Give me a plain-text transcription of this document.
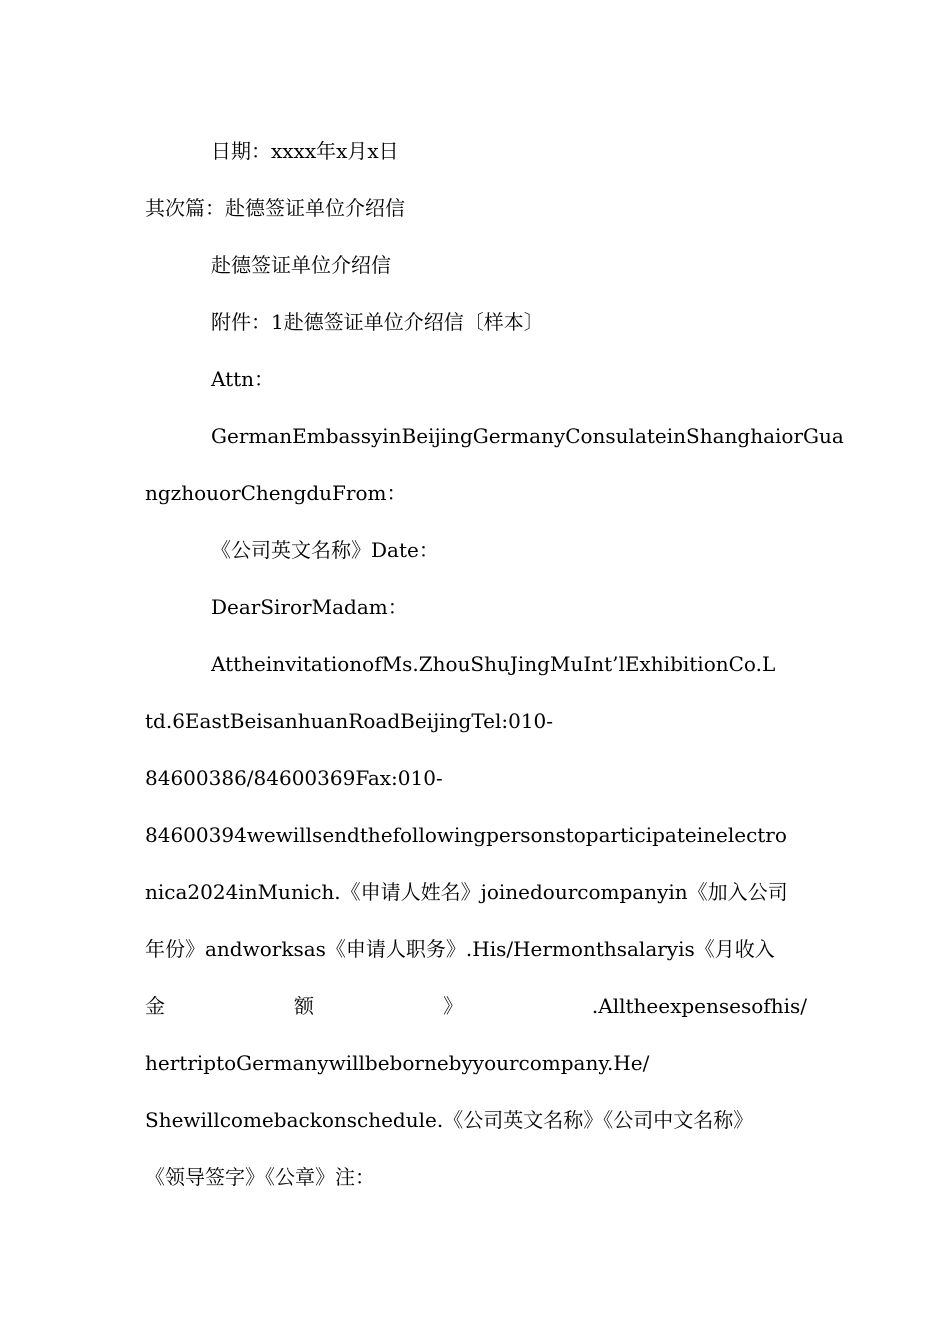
日期：xxxx年x月x日
其次篇：赴德签证单位介绍信
赴德签证单位介绍信
附件：1赴德签证单位介绍信〔样本〕
Attn：
GermanEmbassyinBeijingGermanyConsulateinShanghaiorGua
ngzhouorChengduFrom：
《公司英文名称》Date：
DearSirorMadam：
AttheinvitationofMs.ZhouShuJingMuInt’lExhibitionCo.L
td.6EastBeisanhuanRoadBeijingTel:010-
84600386/84600369Fax:010-
84600394wewillsendthefollowingpersonstoparticipateinelectro
nica2024inMunich.《申请人姓名》joinedourcompanyin《加入公司
年份》andworksas《申请人职务》.His/Hermonthsalaryis《月收入
金	额	》	.Alltheexpensesofhis/
hertriptoGermanywillbebornebyyourcompany.He/
Shewillcomebackonschedule.《公司英文名称》《公司中文名称》
《领导签字》《公章》注：
